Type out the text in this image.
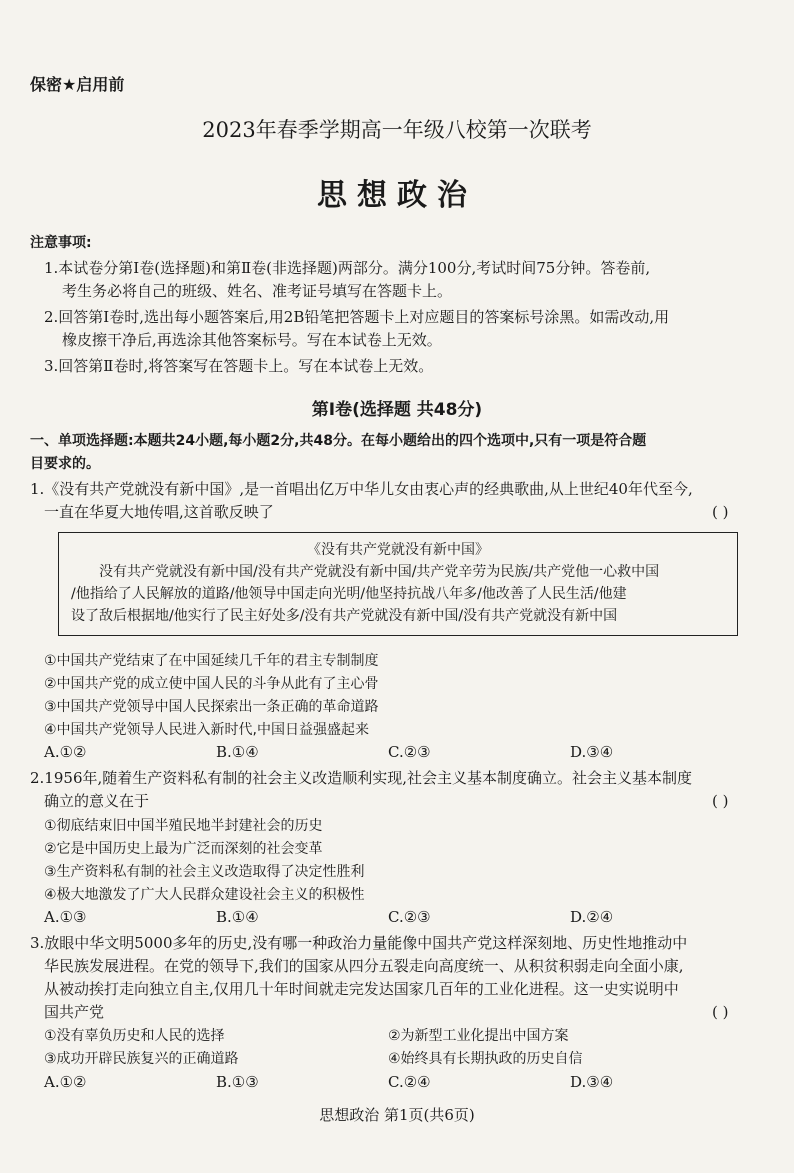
保密★启用前
2023年春季学期高一年级八校第一次联考
思想政治
注意事项:
1.本试卷分第Ⅰ卷(选择题)和第Ⅱ卷(非选择题)两部分。满分100分,考试时间75分钟。答卷前,
考生务必将自己的班级、姓名、准考证号填写在答题卡上。
2.回答第Ⅰ卷时,选出每小题答案后,用2B铅笔把答题卡上对应题目的答案标号涂黑。如需改动,用
橡皮擦干净后,再选涂其他答案标号。写在本试卷上无效。
3.回答第Ⅱ卷时,将答案写在答题卡上。写在本试卷上无效。
第Ⅰ卷(选择题 共48分)
一、单项选择题:本题共24小题,每小题2分,共48分。在每小题给出的四个选项中,只有一项是符合题
目要求的。
1.《没有共产党就没有新中国》,是一首唱出亿万中华儿女由衷心声的经典歌曲,从上世纪40年代至今,
一直在华夏大地传唱,这首歌反映了	( )
《没有共产党就没有新中国》
没有共产党就没有新中国/没有共产党就没有新中国/共产党辛劳为民族/共产党他一心救中国
/他指给了人民解放的道路/他领导中国走向光明/他坚持抗战八年多/他改善了人民生活/他建
设了敌后根据地/他实行了民主好处多/没有共产党就没有新中国/没有共产党就没有新中国
①中国共产党结束了在中国延续几千年的君主专制制度
②中国共产党的成立使中国人民的斗争从此有了主心骨
③中国共产党领导中国人民探索出一条正确的革命道路
④中国共产党领导人民进入新时代,中国日益强盛起来
A.①②	B.①④	C.②③	D.③④
2.1956年,随着生产资料私有制的社会主义改造顺利实现,社会主义基本制度确立。社会主义基本制度
确立的意义在于	( )
①彻底结束旧中国半殖民地半封建社会的历史
②它是中国历史上最为广泛而深刻的社会变革
③生产资料私有制的社会主义改造取得了决定性胜利
④极大地激发了广大人民群众建设社会主义的积极性
A.①③	B.①④	C.②③	D.②④
3.放眼中华文明5000多年的历史,没有哪一种政治力量能像中国共产党这样深刻地、历史性地推动中
华民族发展进程。在党的领导下,我们的国家从四分五裂走向高度统一、从积贫积弱走向全面小康,
从被动挨打走向独立自主,仅用几十年时间就走完发达国家几百年的工业化进程。这一史实说明中
国共产党	( )
①没有辜负历史和人民的选择	②为新型工业化提出中国方案
③成功开辟民族复兴的正确道路	④始终具有长期执政的历史自信
A.①②	B.①③	C.②④	D.③④
思想政治 第1页(共6页)
